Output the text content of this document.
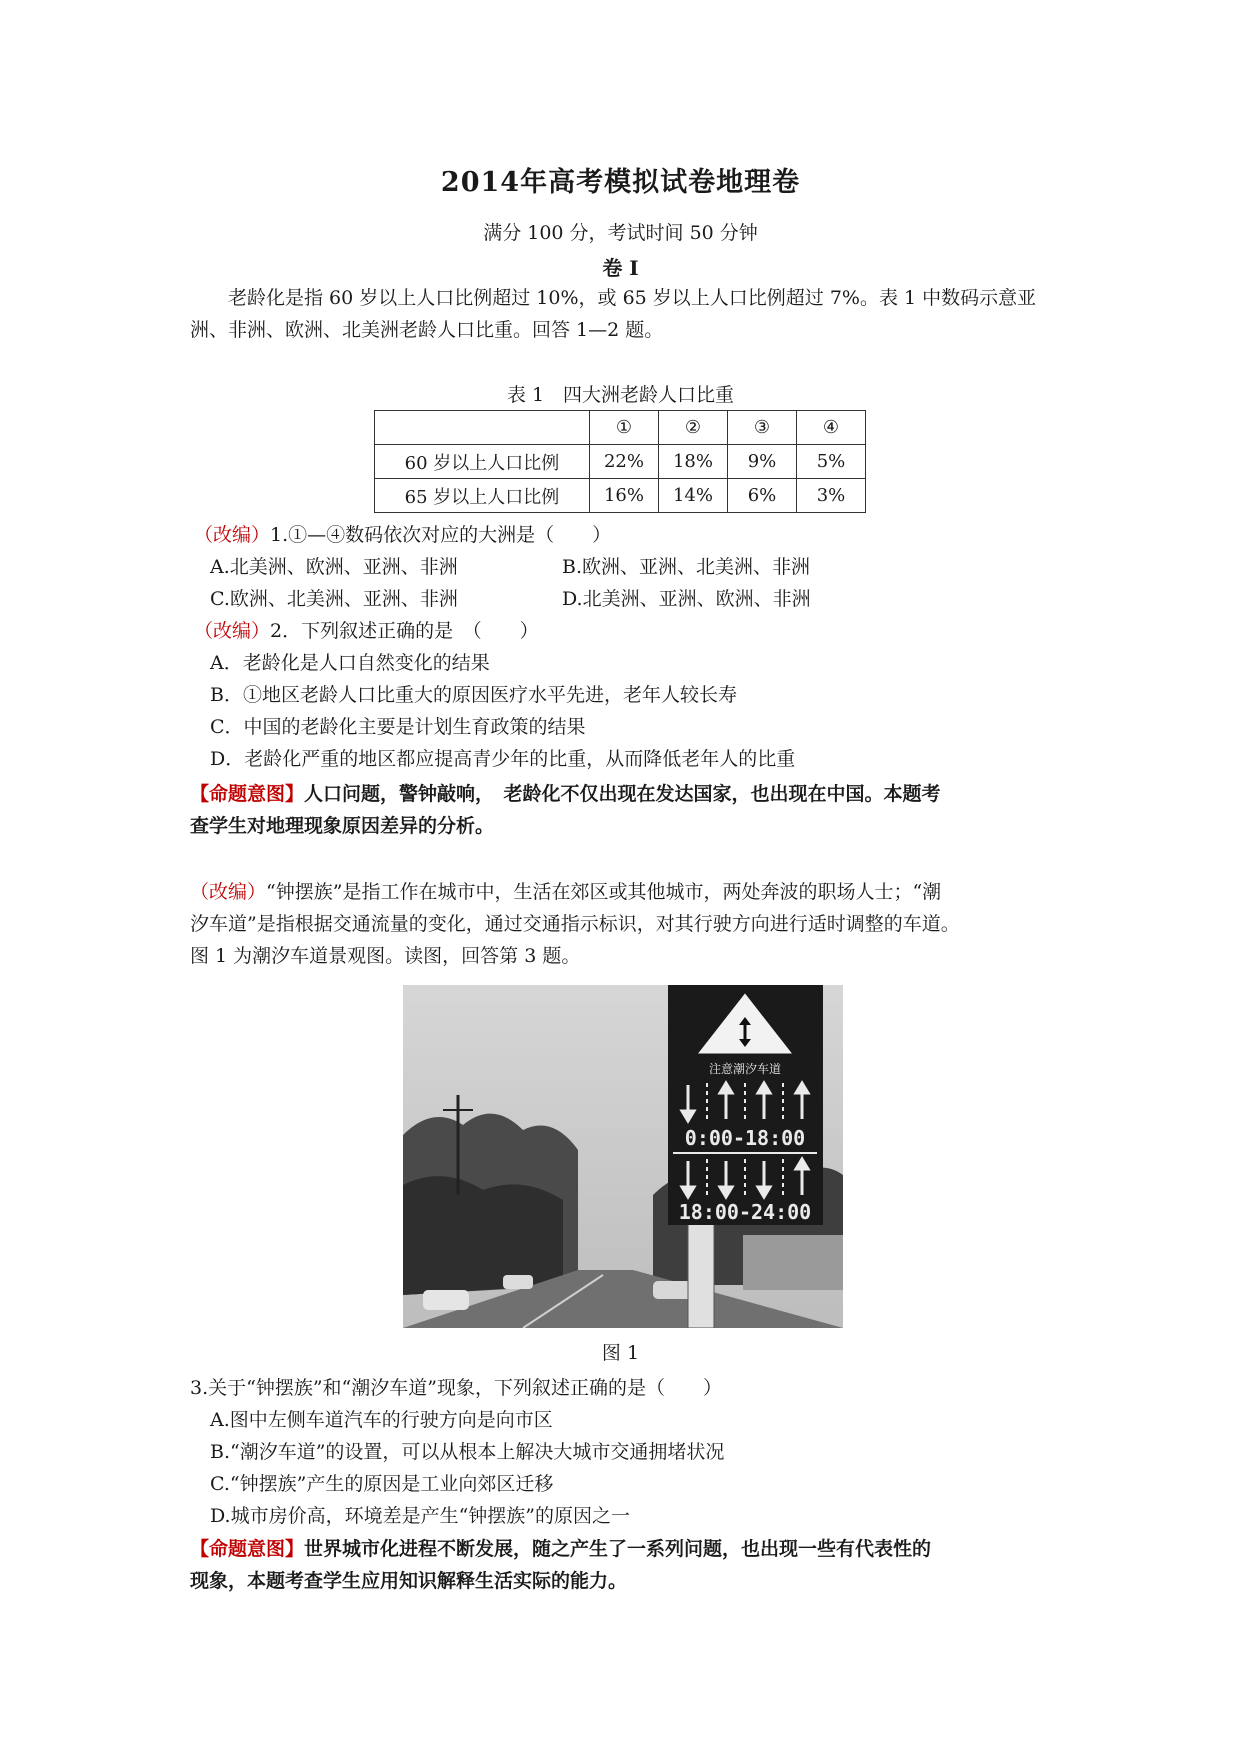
2014年高考模拟试卷地理卷
满分 100 分，考试时间 50 分钟
卷 I
老龄化是指 60 岁以上人口比例超过 10%，或 65 岁以上人口比例超过 7%。表 1 中数码示意亚洲、非洲、欧洲、北美洲老龄人口比重。回答 1—2 题。
表 1　四大洲老龄人口比重
	①	②	③	④
60 岁以上人口比例	22%	18%	9%	5%
65 岁以上人口比例	16%	14%	6%	3%
（改编）1.①—④数码依次对应的大洲是（　　）
A.北美洲、欧洲、亚洲、非洲	B.欧洲、亚洲、北美洲、非洲
C.欧洲、北美洲、亚洲、非洲	D.北美洲、亚洲、欧洲、非洲
（改编）2．下列叙述正确的是　（　　）
A．老龄化是人口自然变化的结果
B．①地区老龄人口比重大的原因医疗水平先进，老年人较长寿
C．中国的老龄化主要是计划生育政策的结果
D．老龄化严重的地区都应提高青少年的比重，从而降低老年人的比重
【命题意图】人口问题，警钟敲响，　老龄化不仅出现在发达国家，也出现在中国。本题考
查学生对地理现象原因差异的分析。
（改编）“钟摆族”是指工作在城市中，生活在郊区或其他城市，两处奔波的职场人士；“潮
汐车道”是指根据交通流量的变化，通过交通指示标识，对其行驶方向进行适时调整的车道。
图 1 为潮汐车道景观图。读图，回答第 3 题。
注意潮汐车道
0:00-18:00
18:00-24:00
图 1
3.关于“钟摆族”和“潮汐车道”现象，下列叙述正确的是（　　）
A.图中左侧车道汽车的行驶方向是向市区
B.“潮汐车道”的设置，可以从根本上解决大城市交通拥堵状况
C.“钟摆族”产生的原因是工业向郊区迁移
D.城市房价高，环境差是产生“钟摆族”的原因之一
【命题意图】世界城市化进程不断发展，随之产生了一系列问题，也出现一些有代表性的
现象，本题考查学生应用知识解释生活实际的能力。
